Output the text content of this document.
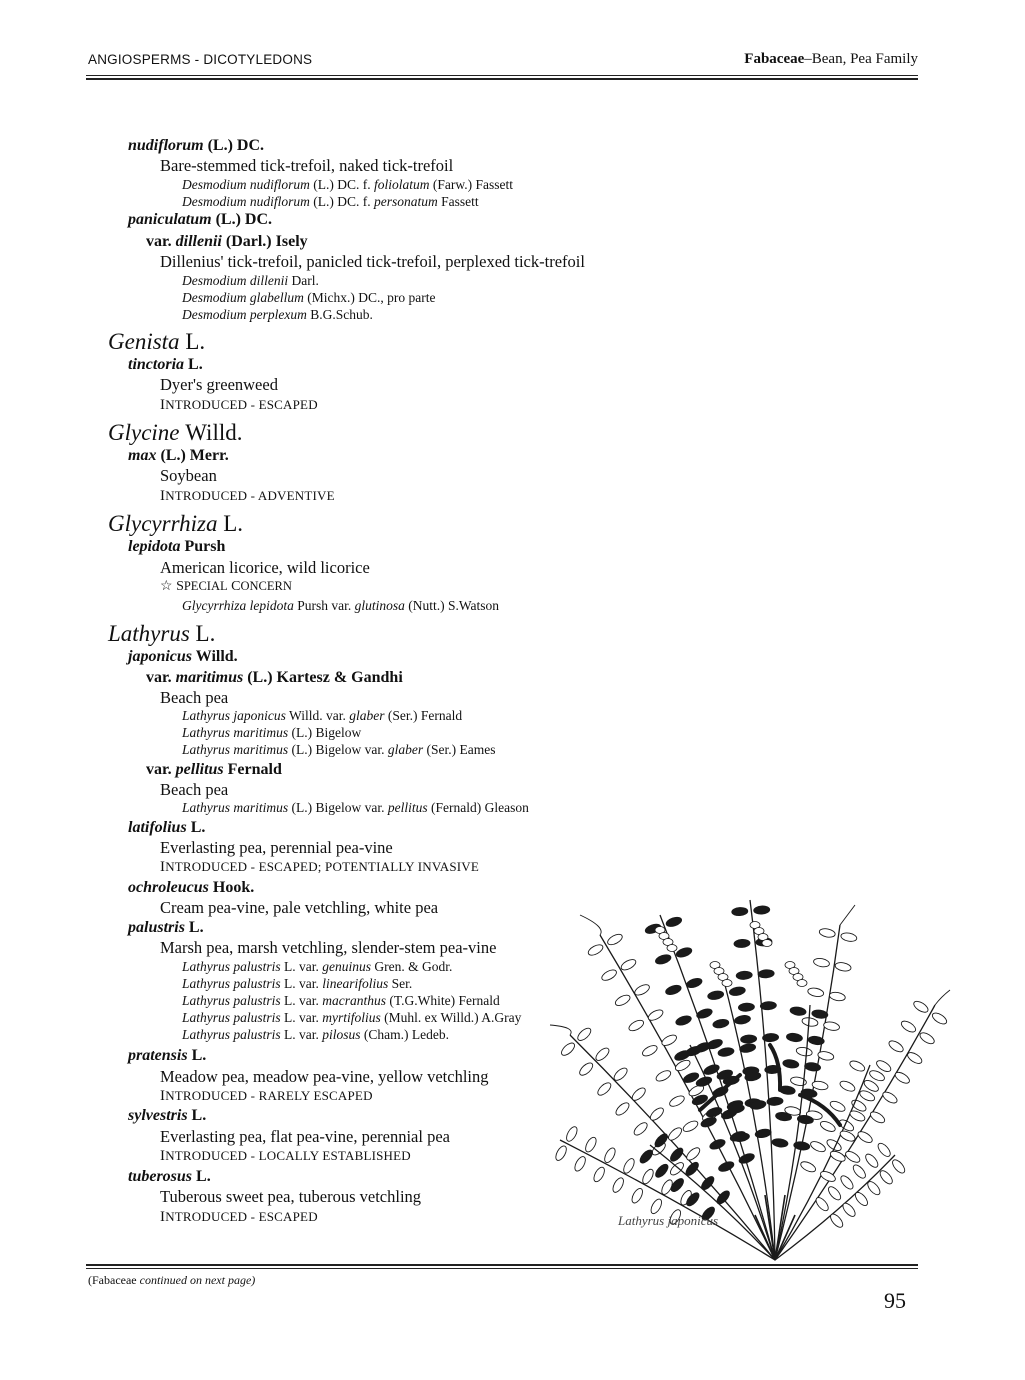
ANGIOSPERMS - DICOTYLEDONS	Fabaceae–Bean, Pea Family
nudiflorum (L.) DC.
Bare-stemmed tick-trefoil, naked tick-trefoil
Desmodium nudiflorum (L.) DC. f. foliolatum (Farw.) Fassett
Desmodium nudiflorum (L.) DC. f. personatum Fassett
paniculatum (L.) DC.
var. dillenii (Darl.) Isely
Dillenius' tick-trefoil, panicled tick-trefoil, perplexed tick-trefoil
Desmodium dillenii Darl.
Desmodium glabellum (Michx.) DC., pro parte
Desmodium perplexum B.G.Schub.
Genista L.
tinctoria L.
Dyer's greenweed
INTRODUCED - ESCAPED
Glycine Willd.
max (L.) Merr.
Soybean
INTRODUCED - ADVENTIVE
Glycyrrhiza L.
lepidota Pursh
American licorice, wild licorice
☆ SPECIAL CONCERN
Glycyrrhiza lepidota Pursh var. glutinosa (Nutt.) S.Watson
Lathyrus L.
japonicus Willd.
var. maritimus (L.) Kartesz & Gandhi
Beach pea
Lathyrus japonicus Willd. var. glaber (Ser.) Fernald
Lathyrus maritimus (L.) Bigelow
Lathyrus maritimus (L.) Bigelow var. glaber (Ser.) Eames
var. pellitus Fernald
Beach pea
Lathyrus maritimus (L.) Bigelow var. pellitus (Fernald) Gleason
latifolius L.
Everlasting pea, perennial pea-vine
INTRODUCED - ESCAPED; POTENTIALLY INVASIVE
ochroleucus Hook.
Cream pea-vine, pale vetchling, white pea
palustris L.
Marsh pea, marsh vetchling, slender-stem pea-vine
Lathyrus palustris L. var. genuinus Gren. & Godr.
Lathyrus palustris L. var. linearifolius Ser.
Lathyrus palustris L. var. macranthus (T.G.White) Fernald
Lathyrus palustris L. var. myrtifolius (Muhl. ex Willd.) A.Gray
Lathyrus palustris L. var. pilosus (Cham.) Ledeb.
pratensis L.
Meadow pea, meadow pea-vine, yellow vetchling
INTRODUCED - RARELY ESCAPED
sylvestris L.
Everlasting pea, flat pea-vine, perennial pea
INTRODUCED - LOCALLY ESTABLISHED
tuberosus L.
Tuberous sweet pea, tuberous vetchling
INTRODUCED - ESCAPED	Lathyrus japonicus
(Fabaceae continued on next page)
95
